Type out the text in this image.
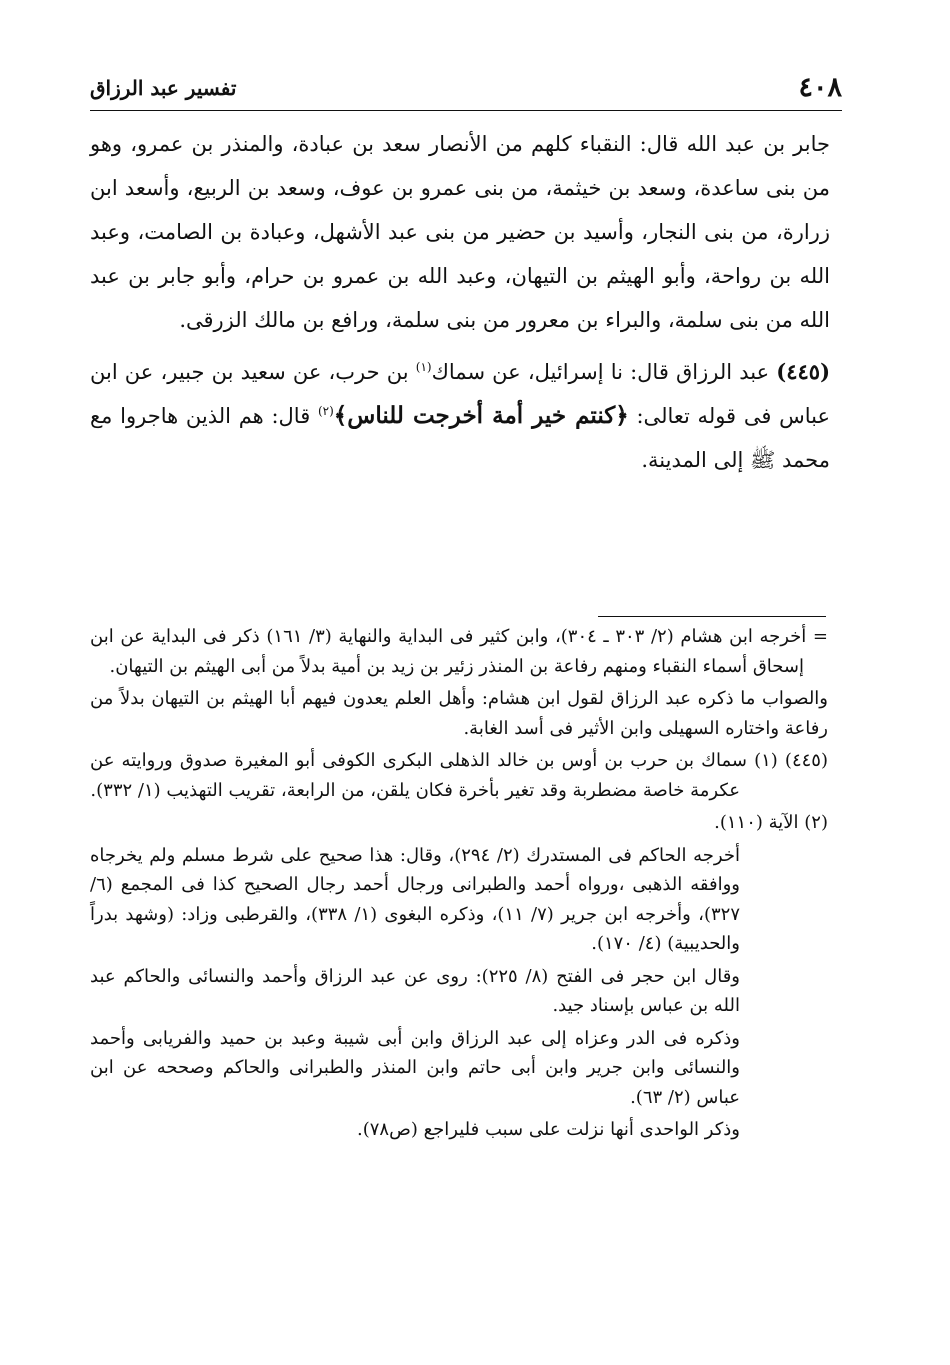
٤٠٨
تفسير عبد الرزاق

جابر بن عبد الله قال: النقباء كلهم من الأنصار سعد بن عبادة، والمنذر بن عمرو، وهو من بنى ساعدة، وسعد بن خيثمة، من بنى عمرو بن عوف، وسعد بن الربيع، وأسعد ابن زرارة، من بنى النجار، وأسيد بن حضير من بنى عبد الأشهل، وعبادة بن الصامت، وعبد الله بن رواحة، وأبو الهيثم بن التيهان، وعبد الله بن عمرو بن حرام، وأبو جابر بن عبد الله من بنى سلمة، والبراء بن معرور من بنى سلمة، ورافع بن مالك الزرقى.

(٤٤٥) عبد الرزاق قال: نا إسرائيل، عن سماك$^{(١)}$ بن حرب، عن سعيد بن جبير، عن ابن عباس فى قوله تعالى: ﴿كنتم خير أمة أخرجت للناس﴾$^{(٢)}$ قال: هم الذين هاجروا مع محمد ﷺ إلى المدينة.

= أخرجه ابن هشام (٢/ ٣٠٣ ـ ٣٠٤)، وابن كثير فى البداية والنهاية (٣/ ١٦١) ذكر فى البداية عن ابن إسحاق أسماء النقباء ومنهم رفاعة بن المنذر زئير بن زيد بن أمية بدلاً من أبى الهيثم بن التيهان.

والصواب ما ذكره عبد الرزاق لقول ابن هشام: وأهل العلم يعدون فيهم أبا الهيثم بن التيهان بدلاً من رفاعة واختاره السهيلى وابن الأثير فى أسد الغابة.

(٤٤٥) (١) سماك بن حرب بن أوس بن خالد الذهلى البكرى الكوفى أبو المغيرة صدوق وروايته عن عكرمة خاصة مضطربة وقد تغير بأخرة فكان يلقن، من الرابعة، تقريب التهذيب (١/ ٣٣٢).

(٢) الآية (١١٠).

أخرجه الحاكم فى المستدرك (٢/ ٢٩٤)، وقال: هذا صحيح على شرط مسلم ولم يخرجاه ووافقه الذهبى ،ورواه أحمد والطبرانى ورجال أحمد رجال الصحيح كذا فى المجمع (٦/ ٣٢٧)، وأخرجه ابن جرير (٧/ ١١)، وذكره البغوى (١/ ٣٣٨)، والقرطبى وزاد: (وشهد بدراً والحديبية) (٤/ ١٧٠).

وقال ابن حجر فى الفتح (٨/ ٢٢٥): روى عن عبد الرزاق وأحمد والنسائى والحاكم عبد الله بن عباس بإسناد جيد.

وذكره فى الدر وعزاه إلى عبد الرزاق وابن أبى شيبة وعبد بن حميد والفريابى وأحمد والنسائى وابن جرير وابن أبى حاتم وابن المنذر والطبرانى والحاكم وصححه عن ابن عباس (٢/ ٦٣).

وذكر الواحدى أنها نزلت على سبب فليراجع (ص٧٨).
